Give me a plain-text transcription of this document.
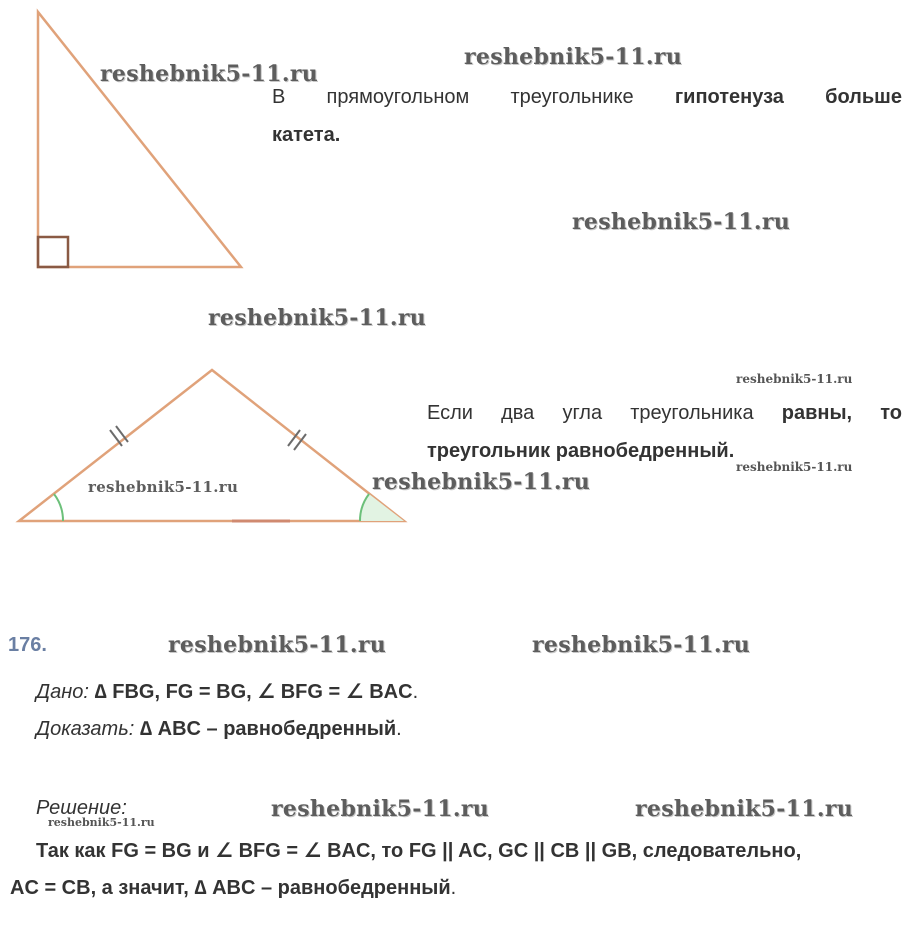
reshebnik5-11.ru
reshebnik5-11.ru
reshebnik5-11.ru
reshebnik5-11.ru
reshebnik5-11.ru
reshebnik5-11.ru
reshebnik5-11.ru	reshebnik5-11.ru
reshebnik5-11.ru	reshebnik5-11.ru
reshebnik5-11.ru	reshebnik5-11.ru
reshebnik5-11.ru
В прямоугольном треугольнике гипотенуза больше
катета.
Если два угла треугольника равны, то
треугольник равнобедренный.
176.
Дано: ∆ FBG, FG = BG, ∠ BFG = ∠ BAC.
Доказать: ∆ ABC – равнобедренный.
Решение:
Так как FG = BG и ∠ BFG = ∠ BAC, то FG || AC, GC || CB || GB, следовательно,
AC = CB, а значит, ∆ ABC – равнобедренный.
